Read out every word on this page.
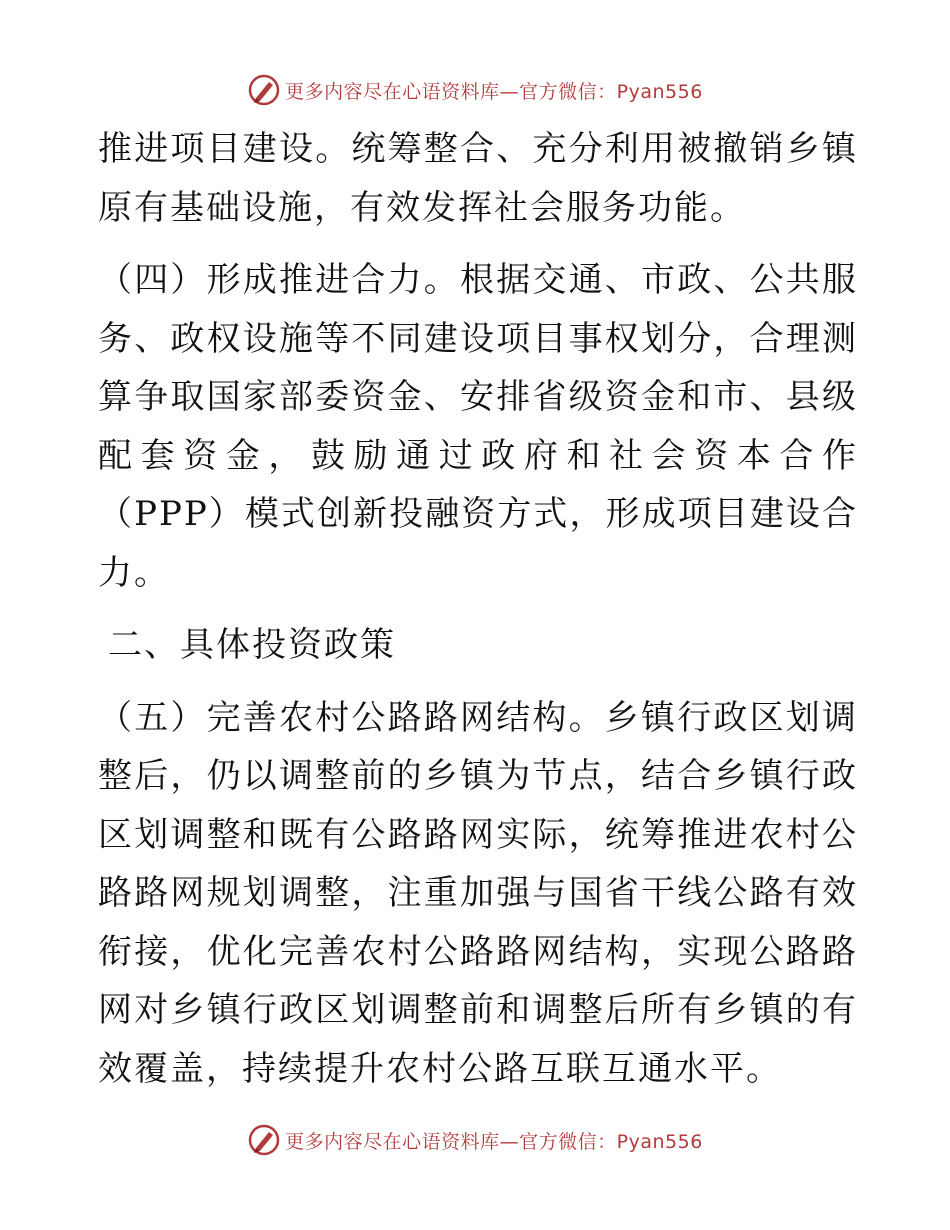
更多内容尽在心语资料库—官方微信：Pyan556

推进项目建设。统筹整合、充分利用被撤销乡镇原有基础设施，有效发挥社会服务功能。

（四）形成推进合力。根据交通、市政、公共服务、政权设施等不同建设项目事权划分，合理测算争取国家部委资金、安排省级资金和市、县级配套资金，鼓励通过政府和社会资本合作（PPP）模式创新投融资方式，形成项目建设合力。

二、具体投资政策

（五）完善农村公路路网结构。乡镇行政区划调整后，仍以调整前的乡镇为节点，结合乡镇行政区划调整和既有公路路网实际，统筹推进农村公路路网规划调整，注重加强与国省干线公路有效衔接，优化完善农村公路路网结构，实现公路路网对乡镇行政区划调整前和调整后所有乡镇的有效覆盖，持续提升农村公路互联互通水平。

更多内容尽在心语资料库—官方微信：Pyan556
